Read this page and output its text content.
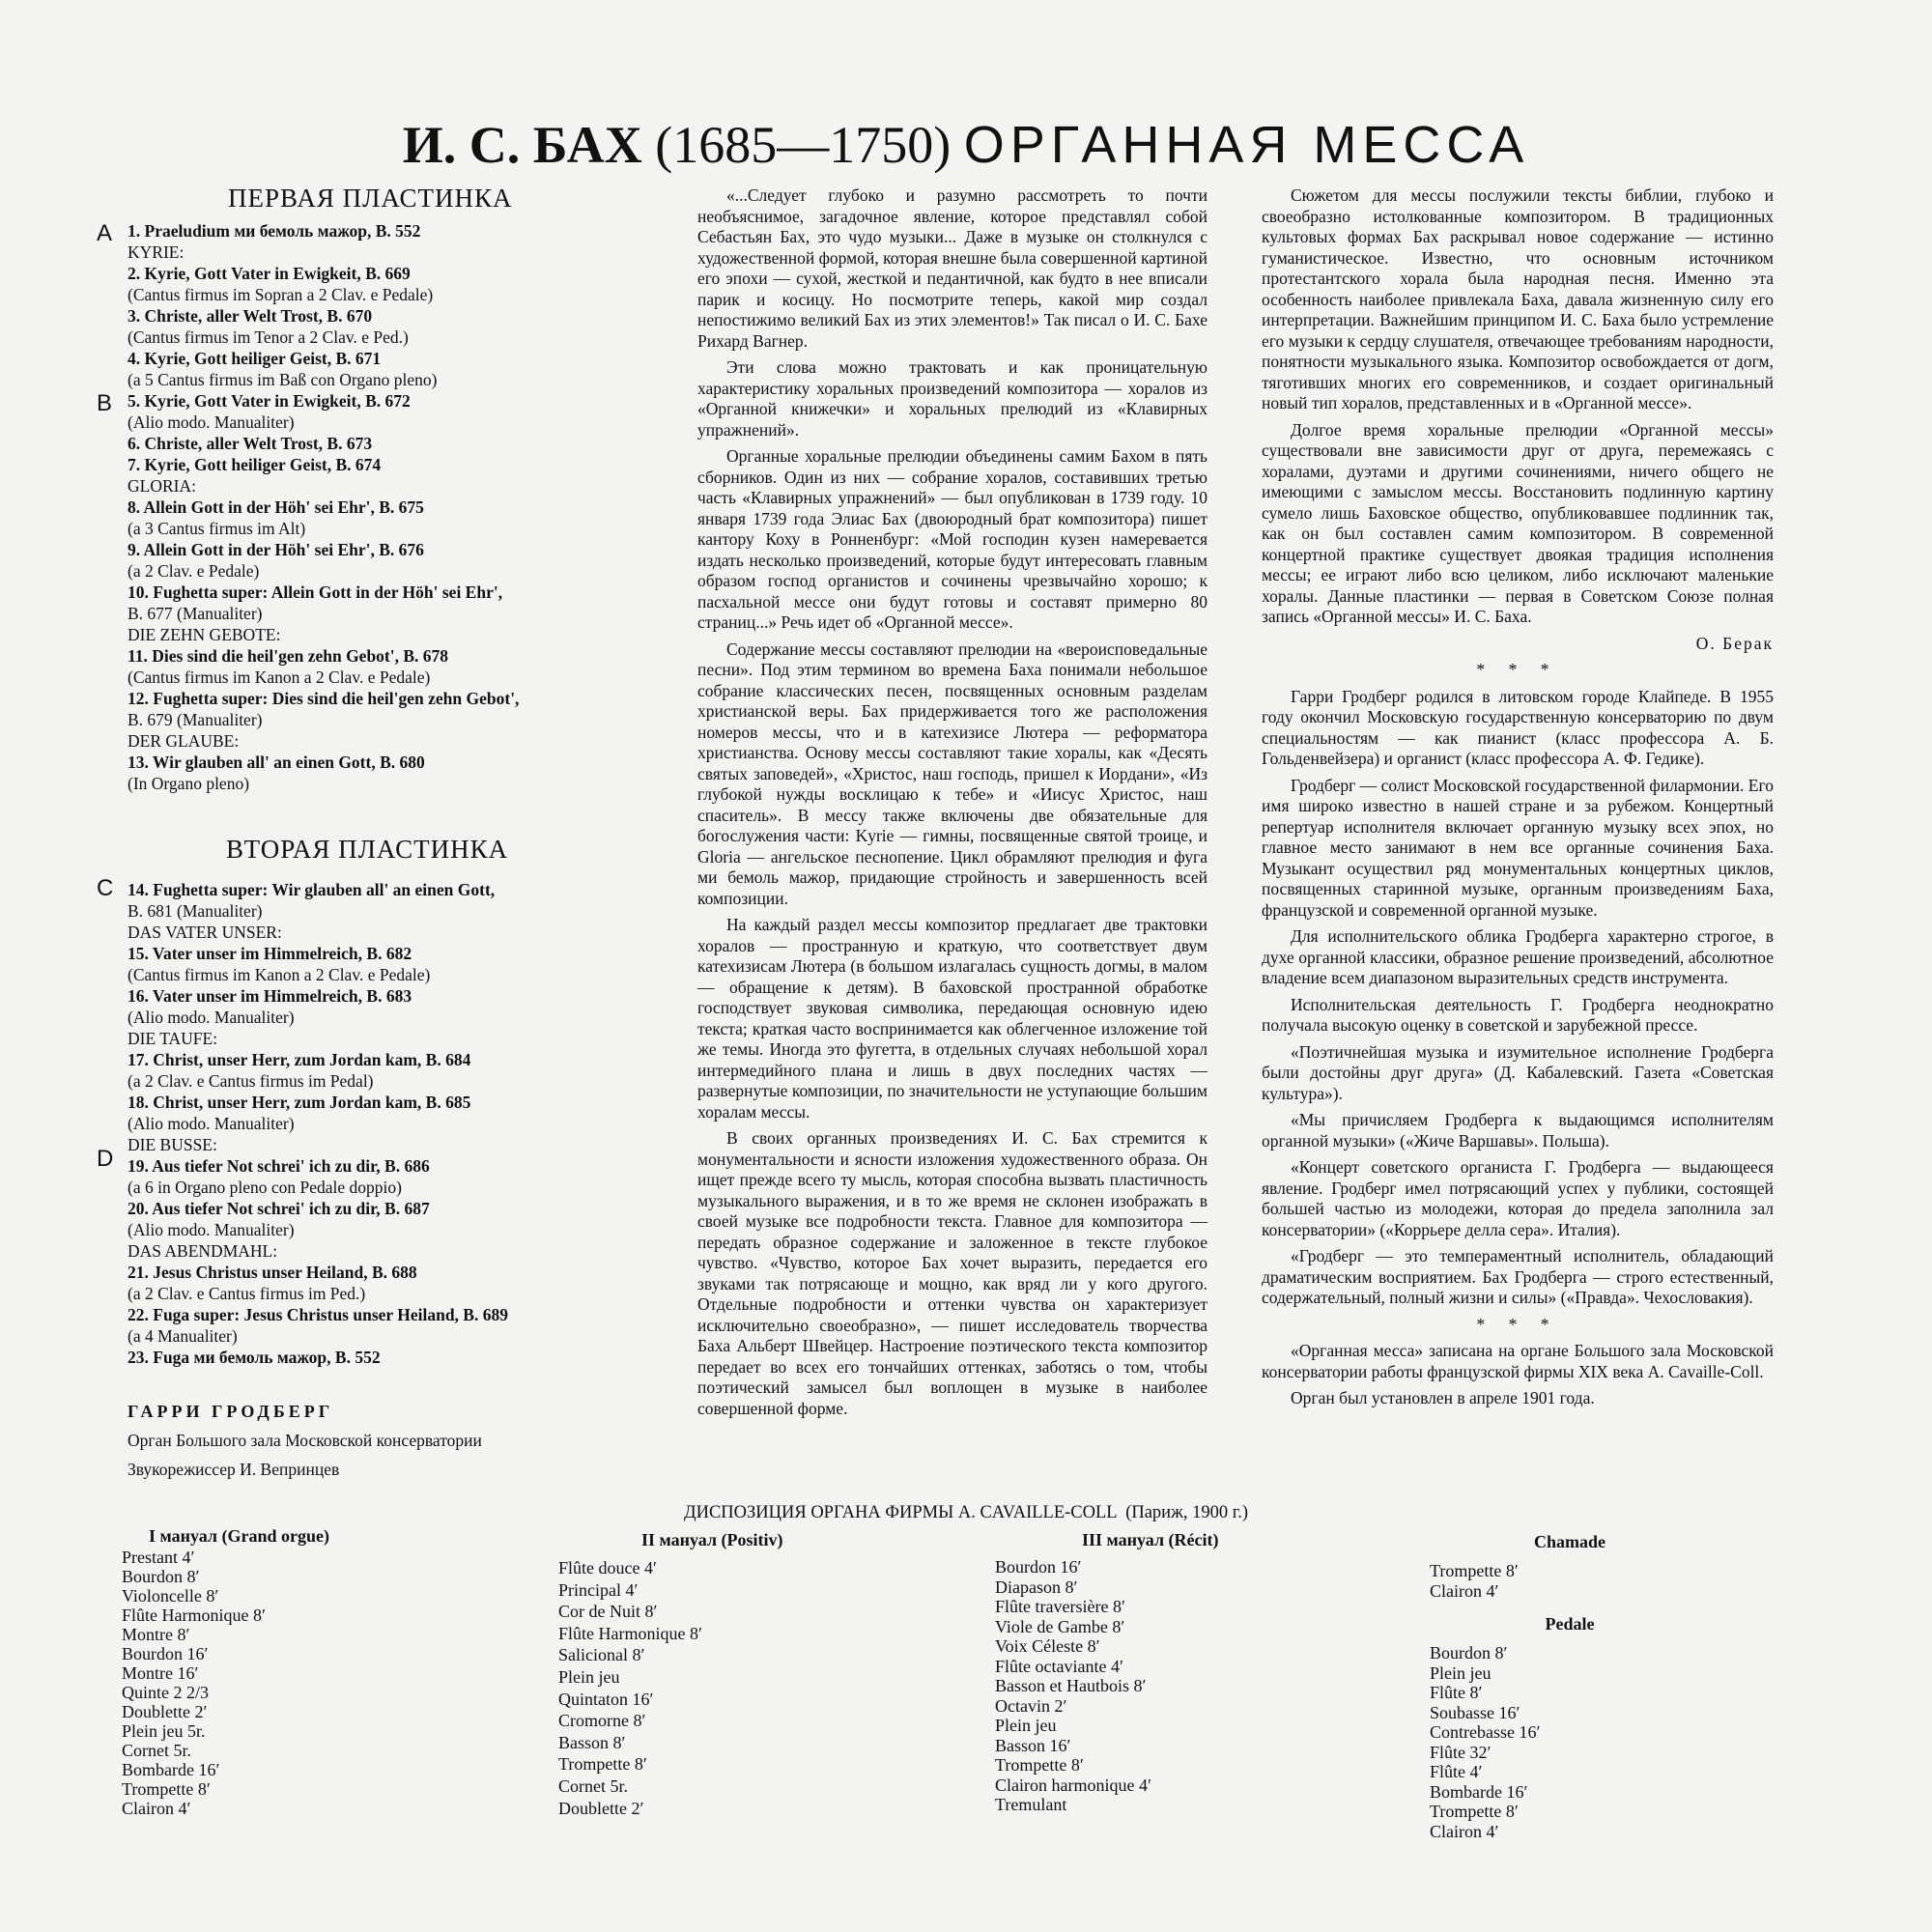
И. С. БАХ (1685—1750) ОРГАННАЯ МЕССА
ПЕРВАЯ ПЛАСТИНКА
A
B
1. Praeludium ми бемоль мажор, B. 552
KYRIE:
2. Kyrie, Gott Vater in Ewigkeit, B. 669
(Cantus firmus im Sopran a 2 Clav. e Pedale)
3. Christe, aller Welt Trost, B. 670
(Cantus firmus im Tenor a 2 Clav. e Ped.)
4. Kyrie, Gott heiliger Geist, B. 671
(a 5 Cantus firmus im Baß con Organo pleno)
5. Kyrie, Gott Vater in Ewigkeit, B. 672
(Alio modo. Manualiter)
6. Christe, aller Welt Trost, B. 673
7. Kyrie, Gott heiliger Geist, B. 674
GLORIA:
8. Allein Gott in der Höh' sei Ehr', B. 675
(a 3 Cantus firmus im Alt)
9. Allein Gott in der Höh' sei Ehr', B. 676
(a 2 Clav. e Pedale)
10. Fughetta super: Allein Gott in der Höh' sei Ehr',
B. 677 (Manualiter)
DIE ZEHN GEBOTE:
11. Dies sind die heil'gen zehn Gebot', B. 678
(Cantus firmus im Kanon a 2 Clav. e Pedale)
12. Fughetta super: Dies sind die heil'gen zehn Gebot',
B. 679 (Manualiter)
DER GLAUBE:
13. Wir glauben all' an einen Gott, B. 680
(In Organo pleno)
ВТОРАЯ ПЛАСТИНКА
C
D
14. Fughetta super: Wir glauben all' an einen Gott,
B. 681 (Manualiter)
DAS VATER UNSER:
15. Vater unser im Himmelreich, B. 682
(Cantus firmus im Kanon a 2 Clav. e Pedale)
16. Vater unser im Himmelreich, B. 683
(Alio modo. Manualiter)
DIE TAUFE:
17. Christ, unser Herr, zum Jordan kam, B. 684
(a 2 Clav. e Cantus firmus im Pedal)
18. Christ, unser Herr, zum Jordan kam, B. 685
(Alio modo. Manualiter)
DIE BUSSE:
19. Aus tiefer Not schrei' ich zu dir, B. 686
(a 6 in Organo pleno con Pedale doppio)
20. Aus tiefer Not schrei' ich zu dir, B. 687
(Alio modo. Manualiter)
DAS ABENDMAHL:
21. Jesus Christus unser Heiland, B. 688
(a 2 Clav. e Cantus firmus im Ped.)
22. Fuga super: Jesus Christus unser Heiland, B. 689
(a 4 Manualiter)
23. Fuga ми бемоль мажор, B. 552
ГАРРИ ГРОДБЕРГ
Орган Большого зала Московской консерватории
Звукорежиссер И. Вепринцев

«...Следует глубоко и разумно рассмотреть то почти необъяснимое, загадочное явление, которое представлял собой Себастьян Бах, это чудо музыки... Даже в музыке он столкнулся с художественной формой, которая внешне была совершенной картиной его эпохи — сухой, жесткой и педантичной, как будто в нее вписали парик и косицу. Но посмотрите теперь, какой мир создал непостижимо великий Бах из этих элементов!» Так писал о И. С. Бахе Рихард Вагнер.

Эти слова можно трактовать и как проницательную характеристику хоральных произведений композитора — хоралов из «Органной книжечки» и хоральных прелюдий из «Клавирных упражнений».

Органные хоральные прелюдии объединены самим Бахом в пять сборников. Один из них — собрание хоралов, составивших третью часть «Клавирных упражнений» — был опубликован в 1739 году. 10 января 1739 года Элиас Бах (двоюродный брат композитора) пишет кантору Коху в Ронненбург: «Мой господин кузен намеревается издать несколько произведений, которые будут интересовать главным образом господ органистов и сочинены чрезвычайно хорошо; к пасхальной мессе они будут готовы и составят примерно 80 страниц...» Речь идет об «Органной мессе».

Содержание мессы составляют прелюдии на «вероисповедальные песни». Под этим термином во времена Баха понимали небольшое собрание классических песен, посвященных основным разделам христианской веры. Бах придерживается того же расположения номеров мессы, что и в катехизисе Лютера — реформатора христианства. Основу мессы составляют такие хоралы, как «Десять святых заповедей», «Христос, наш господь, пришел к Иордани», «Из глубокой нужды восклицаю к тебе» и «Иисус Христос, наш спаситель». В мессу также включены две обязательные для богослужения части: Kyrie — гимны, посвященные святой троице, и Gloria — ангельское песнопение. Цикл обрамляют прелюдия и фуга ми бемоль мажор, придающие стройность и завершенность всей композиции.

На каждый раздел мессы композитор предлагает две трактовки хоралов — пространную и краткую, что соответствует двум катехизисам Лютера (в большом излагалась сущность догмы, в малом — обращение к детям). В баховской пространной обработке господствует звуковая символика, передающая основную идею текста; краткая часто воспринимается как облегченное изложение той же темы. Иногда это фугетта, в отдельных случаях небольшой хорал интермедийного плана и лишь в двух последних частях — развернутые композиции, по значительности не уступающие большим хоралам мессы.

В своих органных произведениях И. С. Бах стремится к монументальности и ясности изложения художественного образа. Он ищет прежде всего ту мысль, которая способна вызвать пластичность музыкального выражения, и в то же время не склонен изображать в своей музыке все подробности текста. Главное для композитора — передать образное содержание и заложенное в тексте глубокое чувство. «Чувство, которое Бах хочет выразить, передается его звуками так потрясающе и мощно, как вряд ли у кого другого. Отдельные подробности и оттенки чувства он характеризует исключительно своеобразно», — пишет исследователь творчества Баха Альберт Швейцер. Настроение поэтического текста композитор передает во всех его тончайших оттенках, заботясь о том, чтобы поэтический замысел был воплощен в музыке в наиболее совершенной форме.

Сюжетом для мессы послужили тексты библии, глубоко и своеобразно истолкованные композитором. В традиционных культовых формах Бах раскрывал новое содержание — истинно гуманистическое. Известно, что основным источником протестантского хорала была народная песня. Именно эта особенность наиболее привлекала Баха, давала жизненную силу его интерпретации. Важнейшим принципом И. С. Баха было устремление его музыки к сердцу слушателя, отвечающее требованиям народности, понятности музыкального языка. Композитор освобождается от догм, тяготивших многих его современников, и создает оригинальный новый тип хоралов, представленных и в «Органной мессе».

Долгое время хоральные прелюдии «Органной мессы» существовали вне зависимости друг от друга, перемежаясь с хоралами, дуэтами и другими сочинениями, ничего общего не имеющими с замыслом мессы. Восстановить подлинную картину сумело лишь Баховское общество, опубликовавшее подлинник так, как он был составлен самим композитором. В современной концертной практике существует двоякая традиция исполнения мессы; ее играют либо всю целиком, либо исключают маленькие хоралы. Данные пластинки — первая в Советском Союзе полная запись «Органной мессы» И. С. Баха.

О. Берак

* * *

Гарри Гродберг родился в литовском городе Клайпеде. В 1955 году окончил Московскую государственную консерваторию по двум специальностям — как пианист (класс профессора А. Б. Гольденвейзера) и органист (класс профессора А. Ф. Гедике).

Гродберг — солист Московской государственной филармонии. Его имя широко известно в нашей стране и за рубежом. Концертный репертуар исполнителя включает органную музыку всех эпох, но главное место занимают в нем все органные сочинения Баха. Музыкант осуществил ряд монументальных концертных циклов, посвященных старинной музыке, органным произведениям Баха, французской и современной органной музыке.

Для исполнительского облика Гродберга характерно строгое, в духе органной классики, образное решение произведений, абсолютное владение всем диапазоном выразительных средств инструмента.

Исполнительская деятельность Г. Гродберга неоднократно получала высокую оценку в советской и зарубежной прессе.

«Поэтичнейшая музыка и изумительное исполнение Гродберга были достойны друг друга» (Д. Кабалевский. Газета «Советская культура»).

«Мы причисляем Гродберга к выдающимся исполнителям органной музыки» («Жиче Варшавы». Польша).

«Концерт советского органиста Г. Гродберга — выдающееся явление. Гродберг имел потрясающий успех у публики, состоящей большей частью из молодежи, которая до предела заполнила зал консерватории» («Коррьере делла сера». Италия).

«Гродберг — это темпераментный исполнитель, обладающий драматическим восприятием. Бах Гродберга — строго естественный, содержательный, полный жизни и силы» («Правда». Чехословакия).

* * *

«Органная месса» записана на органе Большого зала Московской консерватории работы французской фирмы XIX века А. Cavaille-Coll.

Орган был установлен в апреле 1901 года.

ДИСПОЗИЦИЯ ОРГАНА ФИРМЫ А. CAVAILLE-COLL (Париж, 1900 г.)
I мануал (Grand orgue)
Prestant 4′
Bourdon 8′
Violoncelle 8′
Flûte Harmonique 8′
Montre 8′
Bourdon 16′
Montre 16′
Quinte 2 2/3
Doublette 2′
Plein jeu 5r.
Cornet 5r.
Bombarde 16′
Trompette 8′
Clairon 4′
II мануал (Positiv)
Flûte douce 4′
Principal 4′
Cor de Nuit 8′
Flûte Harmonique 8′
Salicional 8′
Plein jeu
Quintaton 16′
Cromorne 8′
Basson 8′
Trompette 8′
Cornet 5r.
Doublette 2′
III мануал (Récit)
Bourdon 16′
Diapason 8′
Flûte traversière 8′
Viole de Gambe 8′
Voix Céleste 8′
Flûte octaviante 4′
Basson et Hautbois 8′
Octavin 2′
Plein jeu
Basson 16′
Trompette 8′
Clairon harmonique 4′
Tremulant
Chamade
Trompette 8′
Clairon 4′
Pedale
Bourdon 8′
Plein jeu
Flûte 8′
Soubasse 16′
Contrebasse 16′
Flûte 32′
Flûte 4′
Bombarde 16′
Trompette 8′
Clairon 4′
